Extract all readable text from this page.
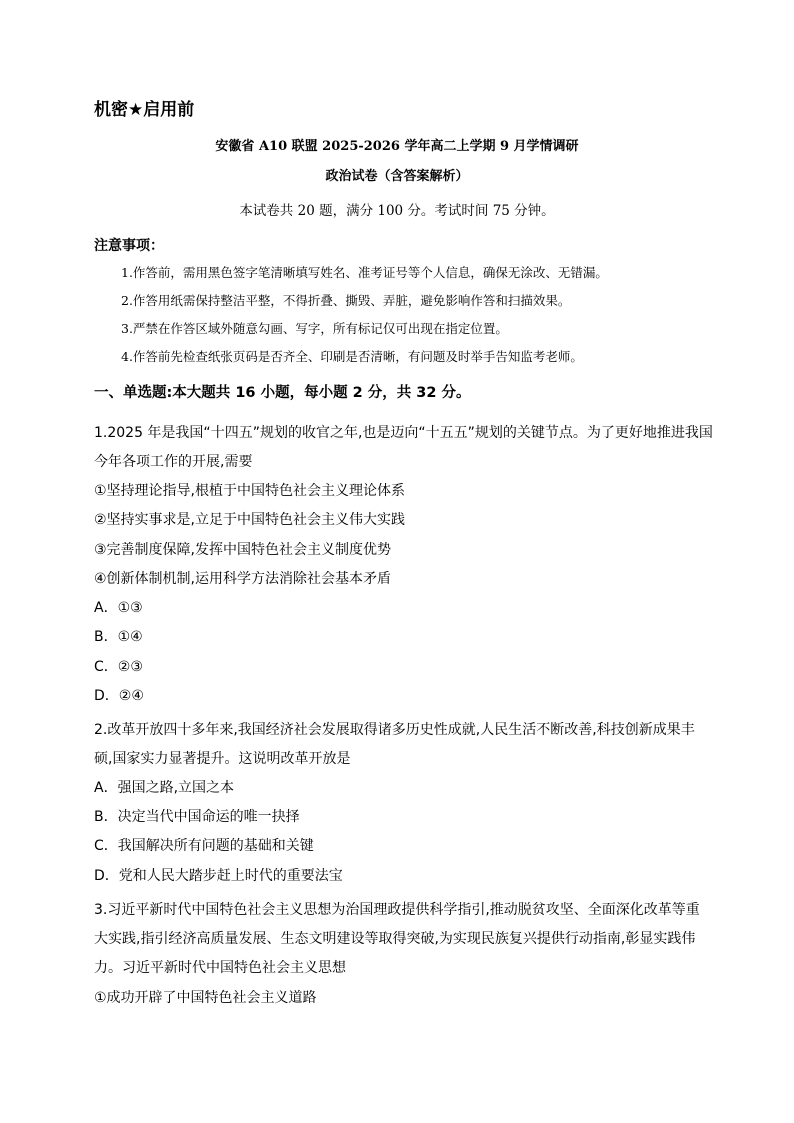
机密★启用前
安徽省 A10 联盟 2025-2026 学年高二上学期 9 月学情调研
政治试卷（含答案解析）
本试卷共 20 题，满分 100 分。考试时间 75 分钟。
注意事项：
1.作答前，需用黑色签字笔清晰填写姓名、准考证号等个人信息，确保无涂改、无错漏。
2.作答用纸需保持整洁平整，不得折叠、撕毁、弄脏，避免影响作答和扫描效果。
3.严禁在作答区域外随意勾画、写字，所有标记仅可出现在指定位置。
4.作答前先检查纸张页码是否齐全、印刷是否清晰，有问题及时举手告知监考老师。
一、单选题:本大题共 16 小题，每小题 2 分，共 32 分。
1.2025 年是我国“十四五”规划的收官之年,也是迈向“十五五”规划的关键节点。为了更好地推进我国
今年各项工作的开展,需要
①坚持理论指导,根植于中国特色社会主义理论体系
②坚持实事求是,立足于中国特色社会主义伟大实践
③完善制度保障,发挥中国特色社会主义制度优势
④创新体制机制,运用科学方法消除社会基本矛盾
A．①③
B．①④
C．②③
D．②④
2.改革开放四十多年来,我国经济社会发展取得诸多历史性成就,人民生活不断改善,科技创新成果丰
硕,国家实力显著提升。这说明改革开放是
A．强国之路,立国之本
B．决定当代中国命运的唯一抉择
C．我国解决所有问题的基础和关键
D．党和人民大踏步赶上时代的重要法宝
3.习近平新时代中国特色社会主义思想为治国理政提供科学指引,推动脱贫攻坚、全面深化改革等重
大实践,指引经济高质量发展、生态文明建设等取得突破,为实现民族复兴提供行动指南,彰显实践伟
力。习近平新时代中国特色社会主义思想
①成功开辟了中国特色社会主义道路
